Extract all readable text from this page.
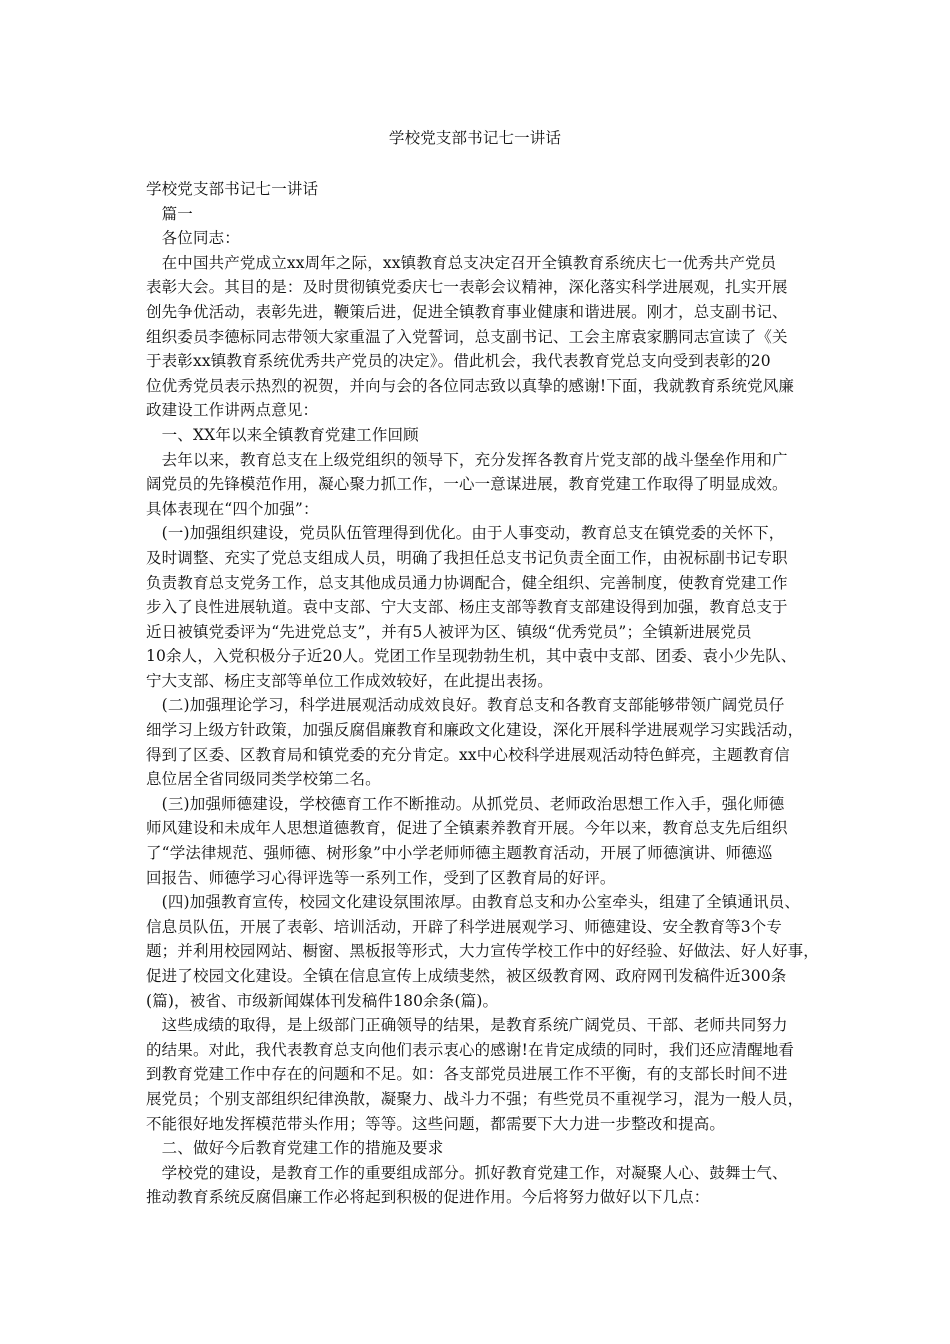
学校党支部书记七一讲话
学校党支部书记七一讲话
　篇一
　各位同志：
　在中国共产党成立xx周年之际，xx镇教育总支决定召开全镇教育系统庆七一优秀共产党员
表彰大会。其目的是：及时贯彻镇党委庆七一表彰会议精神，深化落实科学进展观，扎实开展
创先争优活动，表彰先进，鞭策后进，促进全镇教育事业健康和谐进展。刚才，总支副书记、
组织委员李德标同志带领大家重温了入党誓词，总支副书记、工会主席袁家鹏同志宣读了《关
于表彰xx镇教育系统优秀共产党员的决定》。借此机会，我代表教育党总支向受到表彰的20
位优秀党员表示热烈的祝贺，并向与会的各位同志致以真挚的感谢!下面，我就教育系统党风廉
政建设工作讲两点意见：
　一、XX年以来全镇教育党建工作回顾
　去年以来，教育总支在上级党组织的领导下，充分发挥各教育片党支部的战斗堡垒作用和广
阔党员的先锋模范作用，凝心聚力抓工作，一心一意谋进展，教育党建工作取得了明显成效。
具体表现在“四个加强”：
　(一)加强组织建设，党员队伍管理得到优化。由于人事变动，教育总支在镇党委的关怀下，
及时调整、充实了党总支组成人员，明确了我担任总支书记负责全面工作，由祝标副书记专职
负责教育总支党务工作，总支其他成员通力协调配合，健全组织、完善制度，使教育党建工作
步入了良性进展轨道。袁中支部、宁大支部、杨庄支部等教育支部建设得到加强，教育总支于
近日被镇党委评为“先进党总支”，并有5人被评为区、镇级“优秀党员”；全镇新进展党员
10余人，入党积极分子近20人。党团工作呈现勃勃生机，其中袁中支部、团委、袁小少先队、
宁大支部、杨庄支部等单位工作成效较好，在此提出表扬。
　(二)加强理论学习，科学进展观活动成效良好。教育总支和各教育支部能够带领广阔党员仔
细学习上级方针政策，加强反腐倡廉教育和廉政文化建设，深化开展科学进展观学习实践活动，
得到了区委、区教育局和镇党委的充分肯定。xx中心校科学进展观活动特色鲜亮，主题教育信
息位居全省同级同类学校第二名。
　(三)加强师德建设，学校德育工作不断推动。从抓党员、老师政治思想工作入手，强化师德
师风建设和未成年人思想道德教育，促进了全镇素养教育开展。今年以来，教育总支先后组织
了“学法律规范、强师德、树形象”中小学老师师德主题教育活动，开展了师德演讲、师德巡
回报告、师德学习心得评选等一系列工作，受到了区教育局的好评。
　(四)加强教育宣传，校园文化建设氛围浓厚。由教育总支和办公室牵头，组建了全镇通讯员、
信息员队伍，开展了表彰、培训活动，开辟了科学进展观学习、师德建设、安全教育等3个专
题；并利用校园网站、橱窗、黑板报等形式，大力宣传学校工作中的好经验、好做法、好人好事，
促进了校园文化建设。全镇在信息宣传上成绩斐然，被区级教育网、政府网刊发稿件近300条
(篇)，被省、市级新闻媒体刊发稿件180余条(篇)。
　这些成绩的取得，是上级部门正确领导的结果，是教育系统广阔党员、干部、老师共同努力
的结果。对此，我代表教育总支向他们表示衷心的感谢!在肯定成绩的同时，我们还应清醒地看
到教育党建工作中存在的问题和不足。如：各支部党员进展工作不平衡，有的支部长时间不进
展党员；个别支部组织纪律涣散，凝聚力、战斗力不强；有些党员不重视学习，混为一般人员，
不能很好地发挥模范带头作用；等等。这些问题，都需要下大力进一步整改和提高。
　二、做好今后教育党建工作的措施及要求
　学校党的建设，是教育工作的重要组成部分。抓好教育党建工作，对凝聚人心、鼓舞士气、
推动教育系统反腐倡廉工作必将起到积极的促进作用。今后将努力做好以下几点：
